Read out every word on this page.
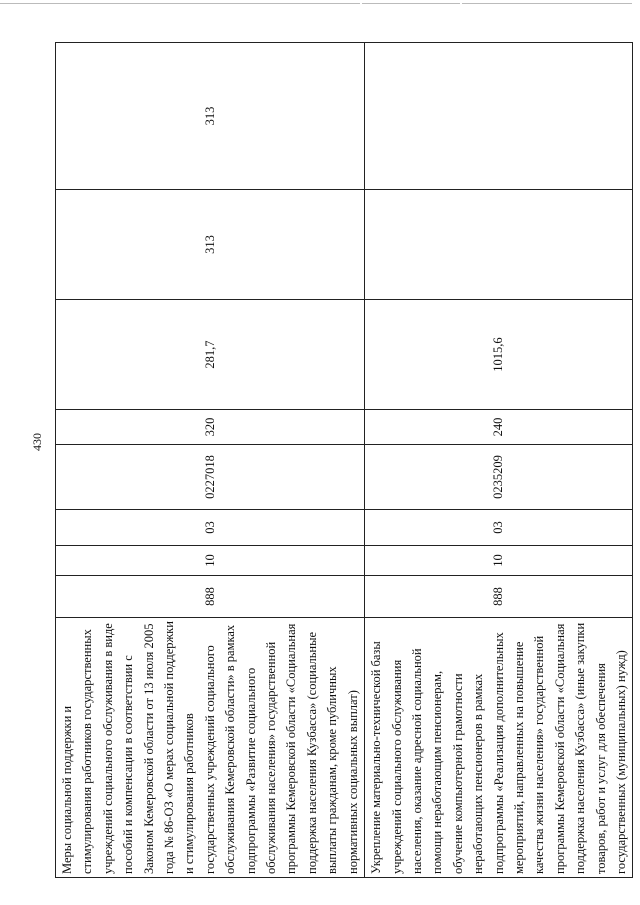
430
Меры социальной поддержки и стимулирования работников государственных учреждений социального обслуживания в виде пособий и компенсации в соответствии с Законом Кемеровской области от 13 июля 2005 года № 86-ОЗ «О мерах социальной поддержки и стимулирования работников государственных учреждений социального обслуживания Кемеровской области» в рамках подпрограммы «Развитие социального обслуживания населения» государственной программы Кемеровской области «Социальная поддержка населения Кузбасса» (социальные выплаты гражданам, кроме публичных нормативных социальных выплат)	888	10	03	0227018	320	281,7	313	313
Укрепление материально-технической базы учреждений социального обслуживания населения, оказание адресной социальной помощи неработающим пенсионерам, обучение компьютерной грамотности неработающих пенсионеров в рамках подпрограммы «Реализация дополнительных мероприятий, направленных на повышение качества жизни населения» государственной программы Кемеровской области «Социальная поддержка населения Кузбасса» (иные закупки товаров, работ и услуг для обеспечения государственных (муниципальных) нужд)	888	10	03	0235209	240	1015,6		
